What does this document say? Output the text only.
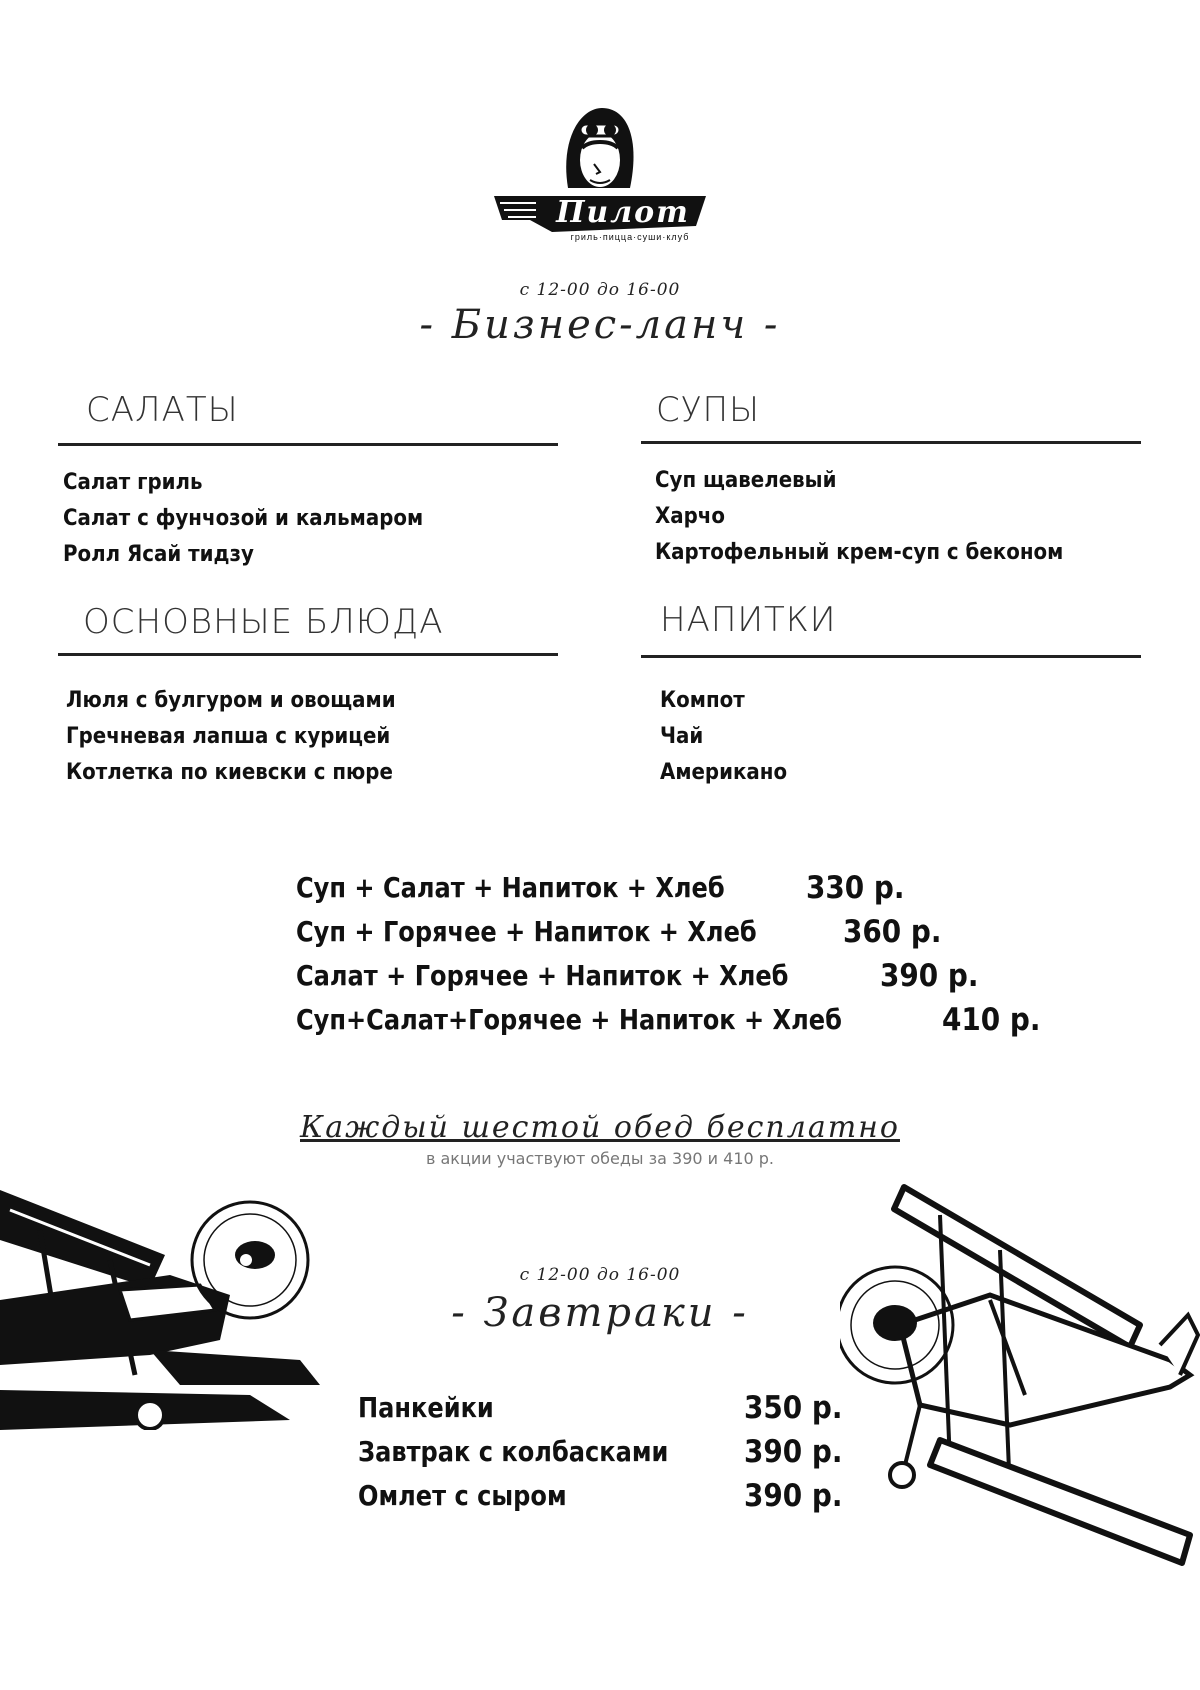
Пилот
гриль·пицца·суши·клуб
с 12-00 до 16-00
- Бизнес-ланч -
САЛАТЫ
Салат гриль
Салат с фунчозой и кальмаром
Ролл Ясай тидзу
СУПЫ
Суп щавелевый
Харчо
Картофельный крем-суп с беконом
ОСНОВНЫЕ БЛЮДА
Люля с булгуром и овощами
Гречневая лапша с курицей
Котлетка по киевски с пюре
НАПИТКИ
Компот
Чай
Американо
Суп + Салат + Напиток + Хлеб	330 р.
Суп + Горячее + Напиток + Хлеб	360 р.
Салат + Горячее + Напиток + Хлеб	390 р.
Суп+Салат+Горячее + Напиток + Хлеб	410 р.
Каждый шестой обед бесплатно
в акции участвуют обеды за 390 и 410 р.
с 12-00 до 16-00
- Завтраки -
Панкейки	350 р.
Завтрак с колбасками 390 р.
Омлет с сыром	390 р.
